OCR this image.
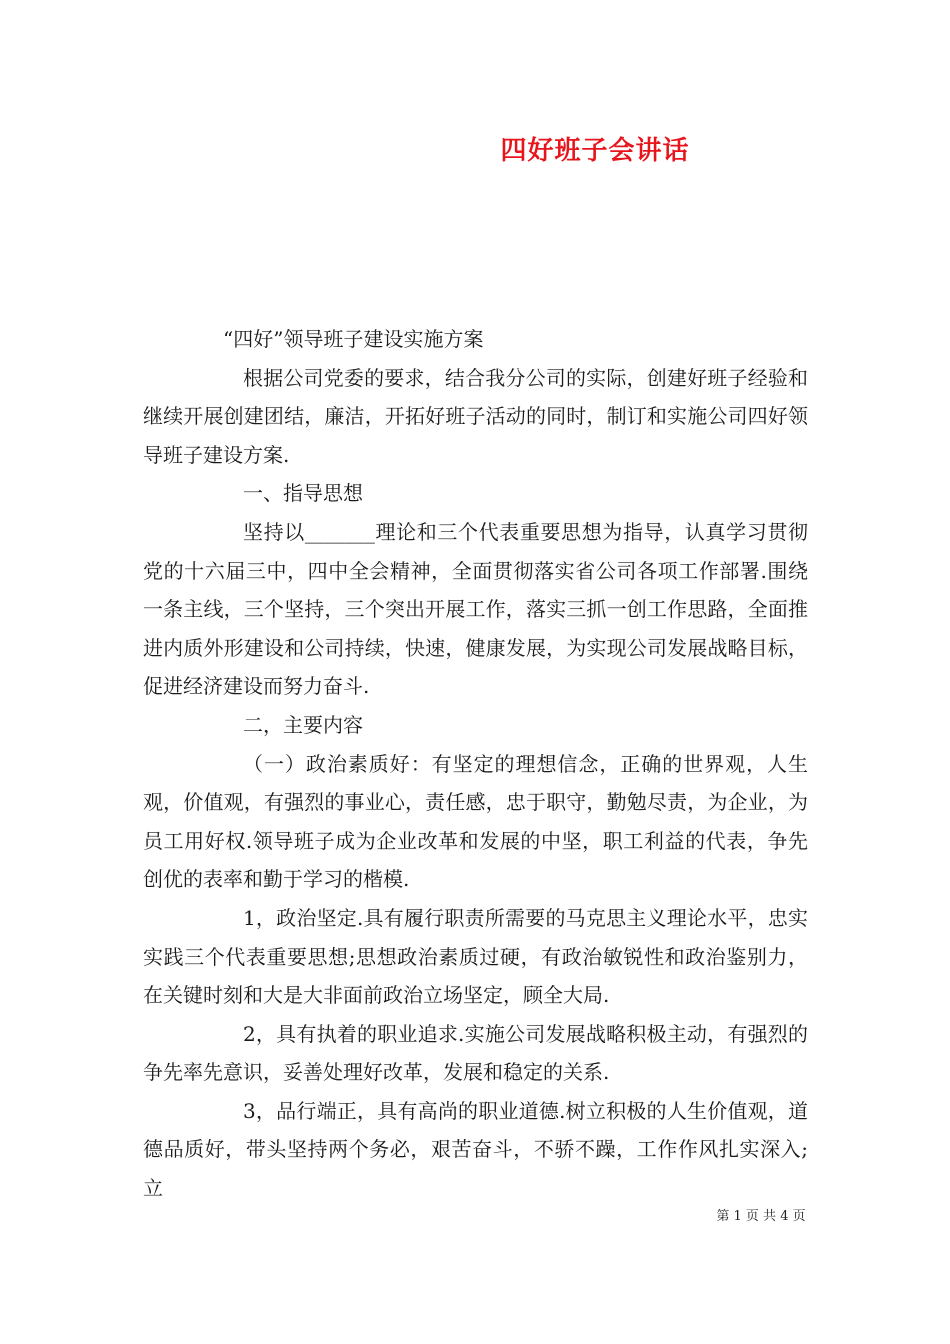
四好班子会讲话

“四好”领导班子建设实施方案

根据公司党委的要求，结合我分公司的实际，创建好班子经验和继续开展创建团结，廉洁，开拓好班子活动的同时，制订和实施公司四好领导班子建设方案.

一、指导思想

坚持以_______理论和三个代表重要思想为指导，认真学习贯彻党的十六届三中，四中全会精神，全面贯彻落实省公司各项工作部署.围绕一条主线，三个坚持，三个突出开展工作，落实三抓一创工作思路，全面推进内质外形建设和公司持续，快速，健康发展，为实现公司发展战略目标，促进经济建设而努力奋斗.

二，主要内容

（一）政治素质好：有坚定的理想信念，正确的世界观，人生观，价值观，有强烈的事业心，责任感，忠于职守，勤勉尽责，为企业，为员工用好权.领导班子成为企业改革和发展的中坚，职工利益的代表，争先创优的表率和勤于学习的楷模.

1，政治坚定.具有履行职责所需要的马克思主义理论水平，忠实实践三个代表重要思想;思想政治素质过硬，有政治敏锐性和政治鉴别力，在关键时刻和大是大非面前政治立场坚定，顾全大局.

2，具有执着的职业追求.实施公司发展战略积极主动，有强烈的争先率先意识，妥善处理好改革，发展和稳定的关系.

3，品行端正，具有高尚的职业道德.树立积极的人生价值观，道德品质好，带头坚持两个务必，艰苦奋斗，不骄不躁，工作作风扎实深入;立

第 1 页 共 4 页
